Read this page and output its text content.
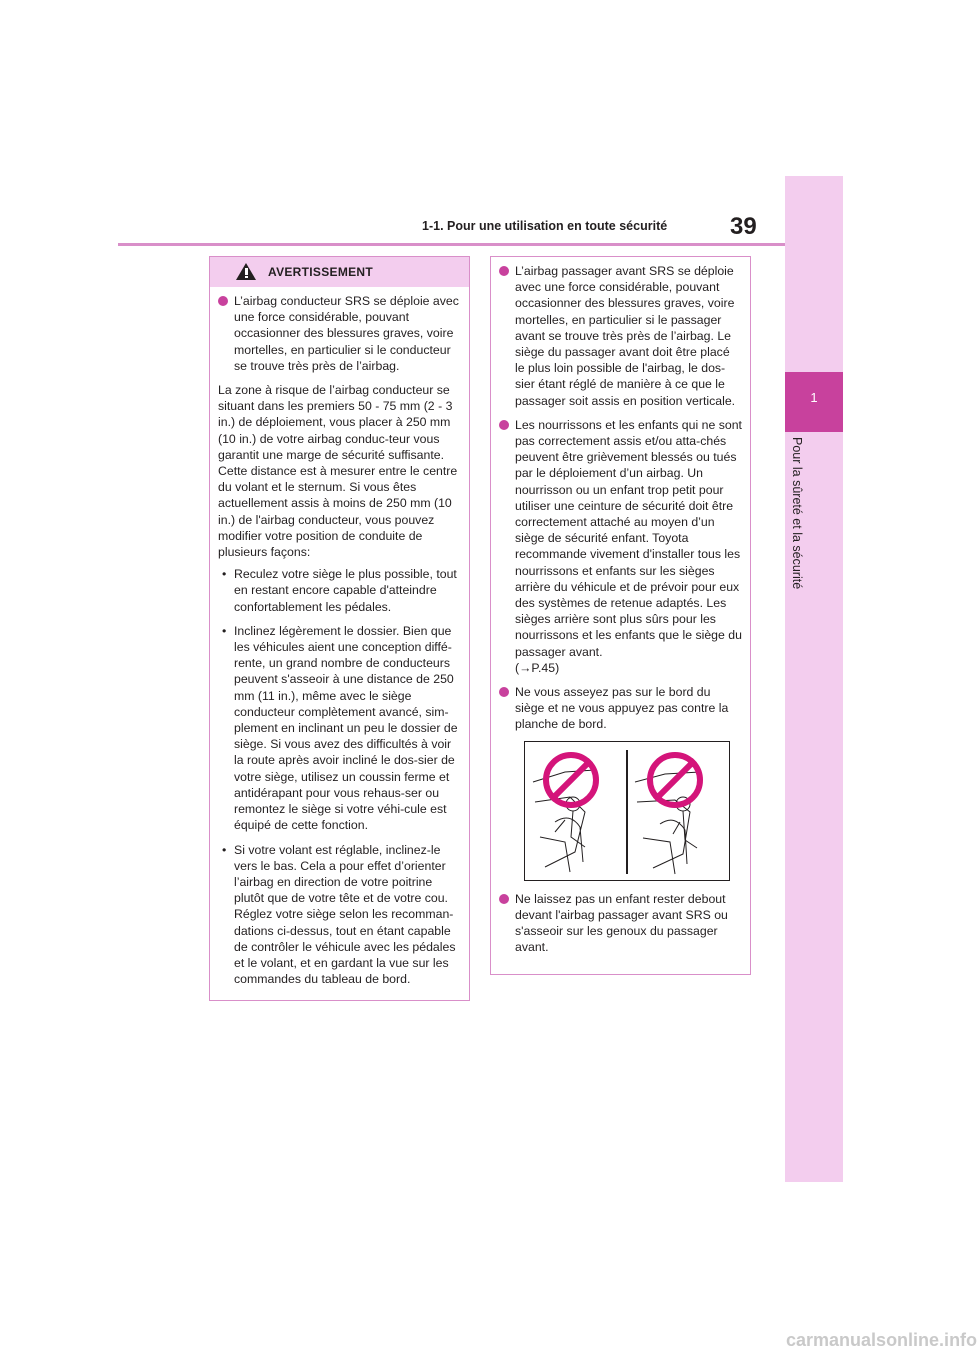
1
Pour la sûreté et la sécurité
1-1. Pour une utilisation en toute sécurité	39
AVERTISSEMENT
L’airbag conducteur SRS se déploie avec une force considérable, pouvant occasionner des blessures graves, voire mortelles, en particulier si le conducteur se trouve très près de l’airbag.
La zone à risque de l’airbag conducteur se situant dans les premiers 50 - 75 mm (2 - 3 in.) de déploiement, vous placer à 250 mm (10 in.) de votre airbag conduc-teur vous garantit une marge de sécurité suffisante. Cette distance est à mesurer entre le centre du volant et le sternum. Si vous êtes actuellement assis à moins de 250 mm (10 in.) de l'airbag conducteur, vous pouvez modifier votre position de conduite de plusieurs façons:
• Reculez votre siège le plus possible, tout en restant encore capable d'atteindre confortablement les pédales.
• Inclinez légèrement le dossier. Bien que les véhicules aient une conception diffé-rente, un grand nombre de conducteurs peuvent s'asseoir à une distance de 250 mm (11 in.), même avec le siège conducteur complètement avancé, sim-plement en inclinant un peu le dossier de siège. Si vous avez des difficultés à voir la route après avoir incliné le dos-sier de votre siège, utilisez un coussin ferme et antidérapant pour vous rehaus-ser ou remontez le siège si votre véhi-cule est équipé de cette fonction.
• Si votre volant est réglable, inclinez-le vers le bas. Cela a pour effet d’orienter l’airbag en direction de votre poitrine plutôt que de votre tête et de votre cou. Réglez votre siège selon les recomman-dations ci-dessus, tout en étant capable de contrôler le véhicule avec les pédales et le volant, et en gardant la vue sur les commandes du tableau de bord.
L’airbag passager avant SRS se déploie avec une force considérable, pouvant occasionner des blessures graves, voire mortelles, en particulier si le passager avant se trouve très près de l’airbag. Le siège du passager avant doit être placé le plus loin possible de l'airbag, le dos-sier étant réglé de manière à ce que le passager soit assis en position verticale.
Les nourrissons et les enfants qui ne sont pas correctement assis et/ou atta-chés peuvent être grièvement blessés ou tués par le déploiement d’un airbag. Un nourrisson ou un enfant trop petit pour utiliser une ceinture de sécurité doit être correctement attaché au moyen d’un siège de sécurité enfant. Toyota recommande vivement d'installer tous les nourrissons et enfants sur les sièges arrière du véhicule et de prévoir pour eux des systèmes de retenue adaptés. Les sièges arrière sont plus sûrs pour les nourrissons et les enfants que le siège du passager avant.
(→P.45)
Ne vous asseyez pas sur le bord du siège et ne vous appuyez pas contre la planche de bord.
Ne laissez pas un enfant rester debout devant l'airbag passager avant SRS ou s'asseoir sur les genoux du passager avant.
carmanualsonline.info
